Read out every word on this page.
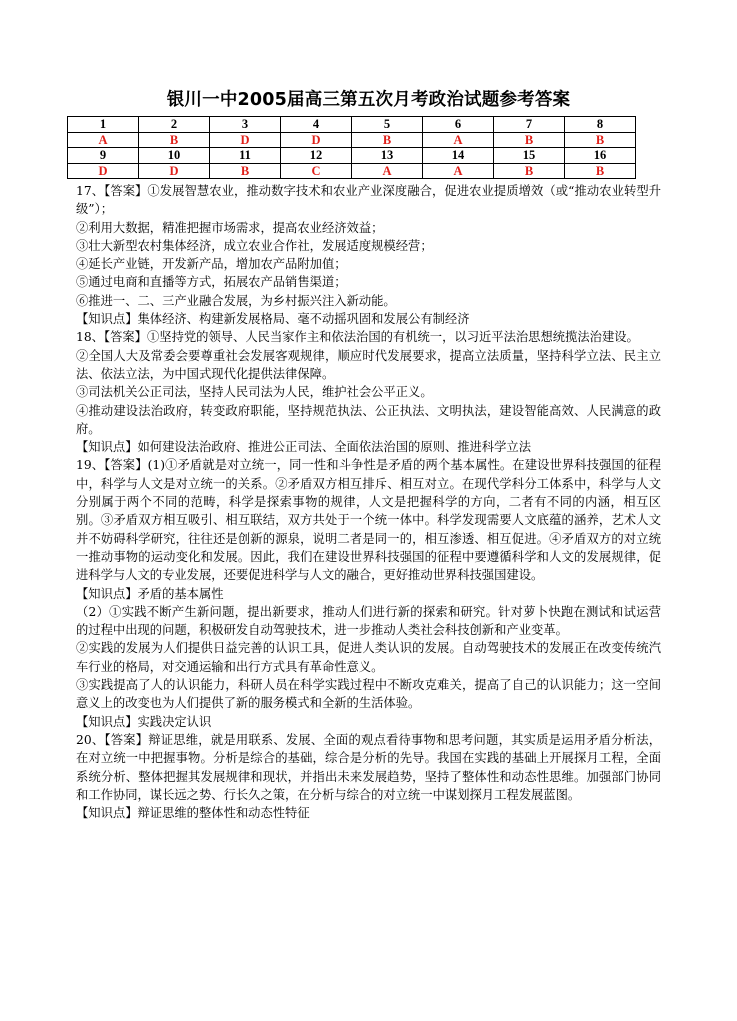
银川一中2005届高三第五次月考政治试题参考答案
1	2	3	4	5	6	7	8
A	B	D	D	B	A	B	B
9	10	11	12	13	14	15	16
D	D	B	C	A	A	B	B

17、【答案】①发展智慧农业，推动数字技术和农业产业深度融合，促进农业提质增效（或“推动农业转型升级”）；

②利用大数据，精准把握市场需求，提高农业经济效益；

③壮大新型农村集体经济，成立农业合作社，发展适度规模经营；

④延长产业链，开发新产品，增加农产品附加值；

⑤通过电商和直播等方式，拓展农产品销售渠道；

⑥推进一、二、三产业融合发展，为乡村振兴注入新动能。

【知识点】集体经济、构建新发展格局、毫不动摇巩固和发展公有制经济

18、【答案】①坚持党的领导、人民当家作主和依法治国的有机统一，以习近平法治思想统揽法治建设。

②全国人大及常委会要尊重社会发展客观规律，顺应时代发展要求，提高立法质量，坚持科学立法、民主立法、依法立法，为中国式现代化提供法律保障。

③司法机关公正司法，坚持人民司法为人民，维护社会公平正义。

④推动建设法治政府，转变政府职能，坚持规范执法、公正执法、文明执法，建设智能高效、人民满意的政府。

【知识点】如何建设法治政府、推进公正司法、全面依法治国的原则、推进科学立法

19、【答案】(1)①矛盾就是对立统一，同一性和斗争性是矛盾的两个基本属性。在建设世界科技强国的征程中，科学与人文是对立统一的关系。②矛盾双方相互排斥、相互对立。在现代学科分工体系中，科学与人文分别属于两个不同的范畴，科学是探索事物的规律，人文是把握科学的方向，二者有不同的内涵，相互区别。③矛盾双方相互吸引、相互联结，双方共处于一个统一体中。科学发现需要人文底蕴的涵养，艺术人文并不妨碍科学研究，往往还是创新的源泉，说明二者是同一的，相互渗透、相互促进。④矛盾双方的对立统一推动事物的运动变化和发展。因此，我们在建设世界科技强国的征程中要遵循科学和人文的发展规律，促进科学与人文的专业发展，还要促进科学与人文的融合，更好推动世界科技强国建设。

【知识点】矛盾的基本属性

（2）①实践不断产生新问题，提出新要求，推动人们进行新的探索和研究。针对萝卜快跑在测试和试运营的过程中出现的问题，积极研发自动驾驶技术，进一步推动人类社会科技创新和产业变革。

②实践的发展为人们提供日益完善的认识工具，促进人类认识的发展。自动驾驶技术的发展正在改变传统汽车行业的格局，对交通运输和出行方式具有革命性意义。

③实践提高了人的认识能力，科研人员在科学实践过程中不断攻克难关，提高了自己的认识能力；这一空间意义上的改变也为人们提供了新的服务模式和全新的生活体验。

【知识点】实践决定认识

20、【答案】辩证思维，就是用联系、发展、全面的观点看待事物和思考问题，其实质是运用矛盾分析法，在对立统一中把握事物。分析是综合的基础，综合是分析的先导。我国在实践的基础上开展探月工程，全面系统分析、整体把握其发展规律和现状，并指出未来发展趋势，坚持了整体性和动态性思维。加强部门协同和工作协同，谋长远之势、行长久之策，在分析与综合的对立统一中谋划探月工程发展蓝图。

【知识点】辩证思维的整体性和动态性特征
